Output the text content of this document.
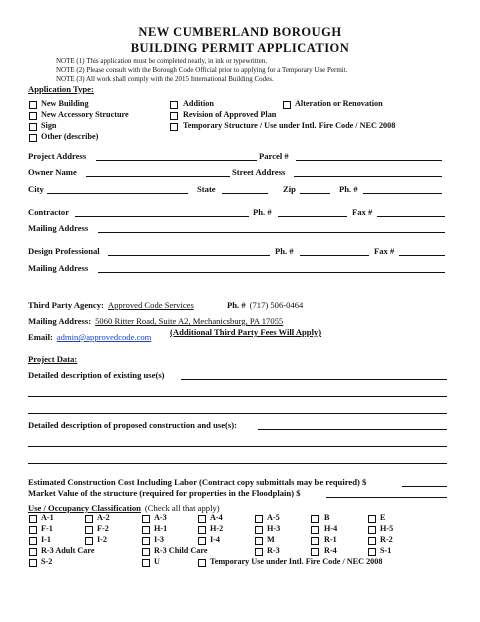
NEW CUMBERLAND BOROUGH
BUILDING PERMIT APPLICATION
NOTE (1) This application must be completed neatly, in ink or typewritten.
NOTE (2) Please consult with the Borough Code Official prior to applying for a Temporary Use Permit.
NOTE (3) All work shall comply with the 2015 International Building Codes.
Application Type:
New Building
New Accessory Structure
Sign
Other (describe)
Addition
Revision of Approved Plan
Temporary Structure / Use under Intl. Fire Code / NEC 2008
Alteration or Renovation
Project Address	Parcel #
Owner Name	Street Address
City	State	Zip	Ph. #
Contractor	Ph. #	Fax #
Mailing Address
Design Professional	Ph. #	Fax #
Mailing Address
Third Party Agency: Approved Code Services	Ph. # (717) 506-0464
Mailing Address: 5060 Ritter Road, Suite A2, Mechanicsburg, PA 17055
Email: admin@approvedcode.com (Additional Third Party Fees Will Apply)
Project Data:
Detailed description of existing use(s)
Detailed description of proposed construction and use(s):
Estimated Construction Cost Including Labor (Contract copy submittals may be required) $
Market Value of the structure (required for properties in the Floodplain) $
Use / Occupancy Classification (Check all that apply)
A-1	A-2	A-3	A-4	A-5	B	E
F-1	F-2	H-1	H-2	H-3	H-4	H-5
I-1	I-2	I-3	I-4	M	R-1	R-2
R-3 Adult Care	R-3 Child Care	R-3	R-4	S-1
S-2	U	Temporary Use under Intl. Fire Code / NEC 2008
